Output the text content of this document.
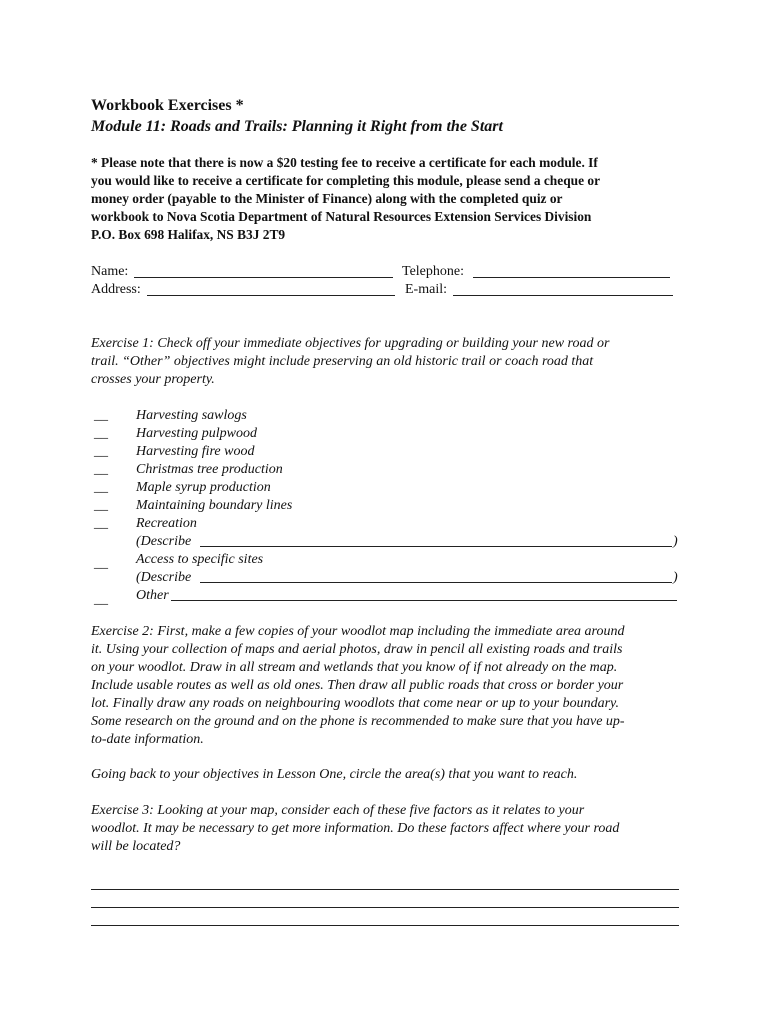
Workbook Exercises *
Module 11: Roads and Trails: Planning it Right from the Start
* Please note that there is now a $20 testing fee to receive a certificate for each module. If
you would like to receive a certificate for completing this module, please send a cheque or
money order (payable to the Minister of Finance) along with the completed quiz or
workbook to Nova Scotia Department of Natural Resources Extension Services Division
P.O. Box 698 Halifax, NS B3J 2T9
Name:	Telephone:
Address:	E-mail:
Exercise 1: Check off your immediate objectives for upgrading or building your new road or
trail. “Other” objectives might include preserving an old historic trail or coach road that
crosses your property.
__ Harvesting sawlogs
__ Harvesting pulpwood
__ Harvesting fire wood
__ Christmas tree production
__ Maple syrup production
__ Maintaining boundary lines
__ Recreation
(Describe	)
__ Access to specific sites
(Describe	)
__ Other
Exercise 2: First, make a few copies of your woodlot map including the immediate area around
it. Using your collection of maps and aerial photos, draw in pencil all existing roads and trails
on your woodlot. Draw in all stream and wetlands that you know of if not already on the map.
Include usable routes as well as old ones. Then draw all public roads that cross or border your
lot. Finally draw any roads on neighbouring woodlots that come near or up to your boundary.
Some research on the ground and on the phone is recommended to make sure that you have up-
to-date information.
Going back to your objectives in Lesson One, circle the area(s) that you want to reach.
Exercise 3: Looking at your map, consider each of these five factors as it relates to your
woodlot. It may be necessary to get more information. Do these factors affect where your road
will be located?
